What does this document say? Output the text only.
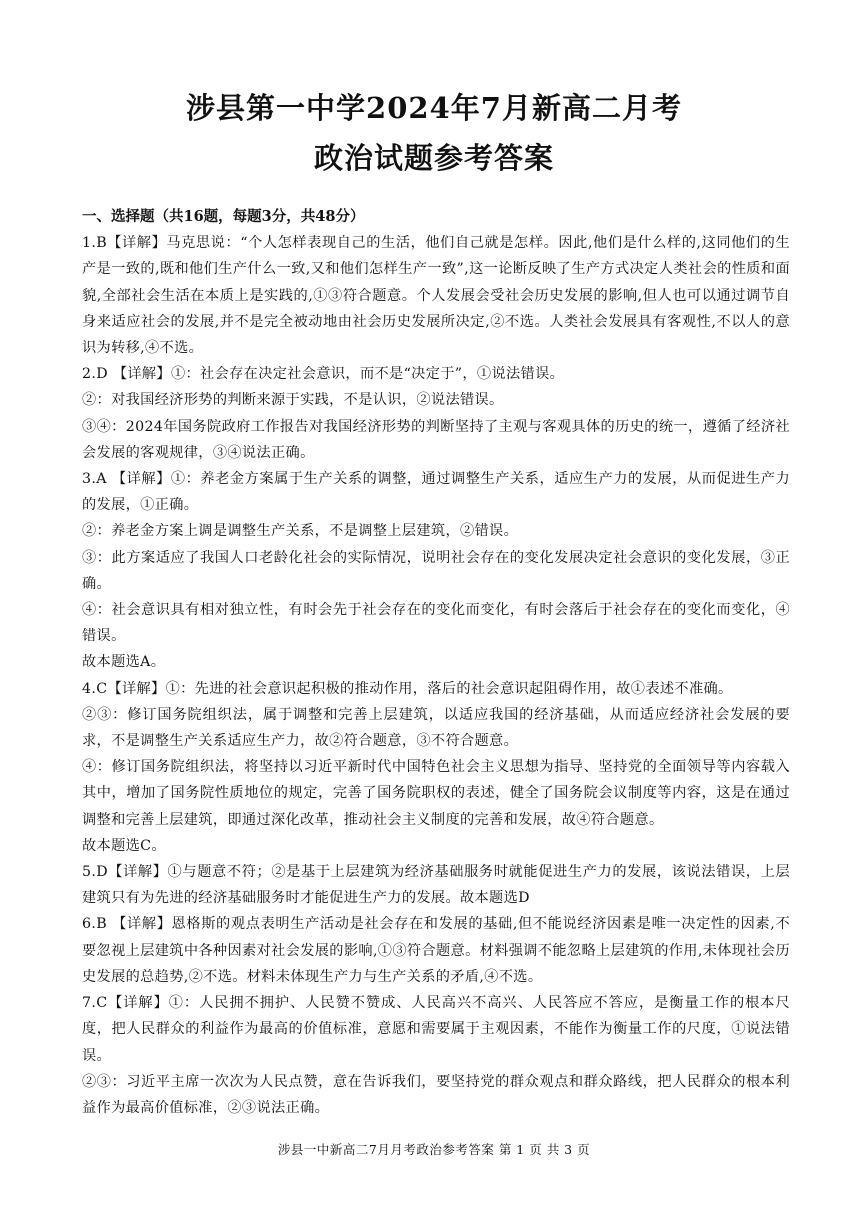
涉县第一中学2024年7月新高二月考
政治试题参考答案
一、选择题（共16题，每题3分，共48分）

1.B【详解】马克思说：“个人怎样表现自己的生活，他们自己就是怎样。因此,他们是什么样的,这同他们的生产是一致的,既和他们生产什么一致,又和他们怎样生产一致”,这一论断反映了生产方式决定人类社会的性质和面貌,全部社会生活在本质上是实践的,①③符合题意。个人发展会受社会历史发展的影响,但人也可以通过调节自身来适应社会的发展,并不是完全被动地由社会历史发展所决定,②不选。人类社会发展具有客观性,不以人的意识为转移,④不选。

2.D 【详解】①：社会存在决定社会意识，而不是“决定于”，①说法错误。

②：对我国经济形势的判断来源于实践，不是认识，②说法错误。

③④：2024年国务院政府工作报告对我国经济形势的判断坚持了主观与客观具体的历史的统一，遵循了经济社会发展的客观规律，③④说法正确。

3.A 【详解】①：养老金方案属于生产关系的调整，通过调整生产关系，适应生产力的发展，从而促进生产力的发展，①正确。

②：养老金方案上调是调整生产关系，不是调整上层建筑，②错误。

③：此方案适应了我国人口老龄化社会的实际情况，说明社会存在的变化发展决定社会意识的变化发展，③正确。

④：社会意识具有相对独立性，有时会先于社会存在的变化而变化，有时会落后于社会存在的变化而变化，④错误。

故本题选A。

4.C【详解】①：先进的社会意识起积极的推动作用，落后的社会意识起阻碍作用，故①表述不准确。

②③：修订国务院组织法，属于调整和完善上层建筑，以适应我国的经济基础，从而适应经济社会发展的要求，不是调整生产关系适应生产力，故②符合题意，③不符合题意。

④：修订国务院组织法，将坚持以习近平新时代中国特色社会主义思想为指导、坚持党的全面领导等内容载入其中，增加了国务院性质地位的规定，完善了国务院职权的表述，健全了国务院会议制度等内容，这是在通过调整和完善上层建筑，即通过深化改革，推动社会主义制度的完善和发展，故④符合题意。

故本题选C。

5.D【详解】①与题意不符；②是基于上层建筑为经济基础服务时就能促进生产力的发展，该说法错误，上层建筑只有为先进的经济基础服务时才能促进生产力的发展。故本题选D

6.B 【详解】恩格斯的观点表明生产活动是社会存在和发展的基础,但不能说经济因素是唯一决定性的因素,不要忽视上层建筑中各种因素对社会发展的影响,①③符合题意。材料强调不能忽略上层建筑的作用,未体现社会历史发展的总趋势,②不选。材料未体现生产力与生产关系的矛盾,④不选。

7.C【详解】①：人民拥不拥护、人民赞不赞成、人民高兴不高兴、人民答应不答应，是衡量工作的根本尺度，把人民群众的利益作为最高的价值标准，意愿和需要属于主观因素，不能作为衡量工作的尺度，①说法错误。

②③：习近平主席一次次为人民点赞，意在告诉我们，要坚持党的群众观点和群众路线，把人民群众的根本利益作为最高价值标准，②③说法正确。

涉县一中新高二7月月考政治参考答案 第 1 页 共 3 页
